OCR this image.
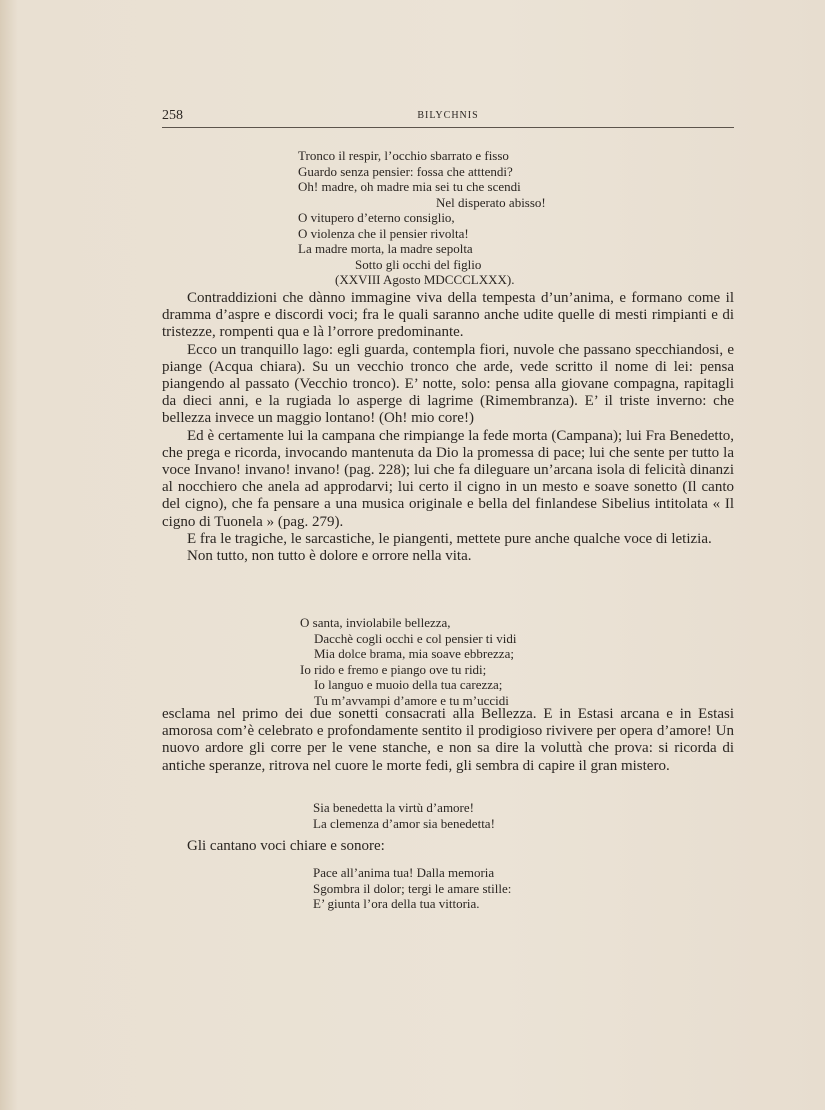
258	BILYCHNIS
Tronco il respir, l’occhio sbarrato e fisso
Guardo senza pensier: fossa che atttendi?
Oh! madre, oh madre mia sei tu che scendi
Nel disperato abisso!
O vitupero d’eterno consiglio,
O violenza che il pensier rivolta!
La madre morta, la madre sepolta
Sotto gli occhi del figlio
(XXVIII Agosto MDCCCLXXX).

Contraddizioni che dànno immagine viva della tempesta d’un’anima, e formano come il dramma d’aspre e discordi voci; fra le quali saranno anche udite quelle di mesti rimpianti e di tristezze, rompenti qua e là l’orrore predominante.

Ecco un tranquillo lago: egli guarda, contempla fiori, nuvole che passano specchiandosi, e piange (Acqua chiara). Su un vecchio tronco che arde, vede scritto il nome di lei: pensa piangendo al passato (Vecchio tronco). E’ notte, solo: pensa alla giovane compagna, rapitagli da dieci anni, e la rugiada lo asperge di lagrime (Rimembranza). E’ il triste inverno: che bellezza invece un maggio lontano! (Oh! mio core!)

Ed è certamente lui la campana che rimpiange la fede morta (Campana); lui Fra Benedetto, che prega e ricorda, invocando mantenuta da Dio la promessa di pace; lui che sente per tutto la voce Invano! invano! invano! (pag. 228); lui che fa dileguare un’arcana isola di felicità dinanzi al nocchiero che anela ad approdarvi; lui certo il cigno in un mesto e soave sonetto (Il canto del cigno), che fa pensare a una musica originale e bella del finlandese Sibelius intitolata « Il cigno di Tuonela » (pag. 279).

E fra le tragiche, le sarcastiche, le piangenti, mettete pure anche qualche voce di letizia.

Non tutto, non tutto è dolore e orrore nella vita.

O santa, inviolabile bellezza,
Dacchè cogli occhi e col pensier ti vidi
Mia dolce brama, mia soave ebbrezza;
Io rido e fremo e piango ove tu ridi;
Io languo e muoio della tua carezza;
Tu m’avvampi d’amore e tu m’uccidi

esclama nel primo dei due sonetti consacrati alla Bellezza. E in Estasi arcana e in Estasi amorosa com’è celebrato e profondamente sentito il prodigioso rivivere per opera d’amore! Un nuovo ardore gli corre per le vene stanche, e non sa dire la voluttà che prova: si ricorda di antiche speranze, ritrova nel cuore le morte fedi, gli sembra di capire il gran mistero.

Sia benedetta la virtù d’amore!
La clemenza d’amor sia benedetta!

Gli cantano voci chiare e sonore:

Pace all’anima tua! Dalla memoria
Sgombra il dolor; tergi le amare stille:
E’ giunta l’ora della tua vittoria.
